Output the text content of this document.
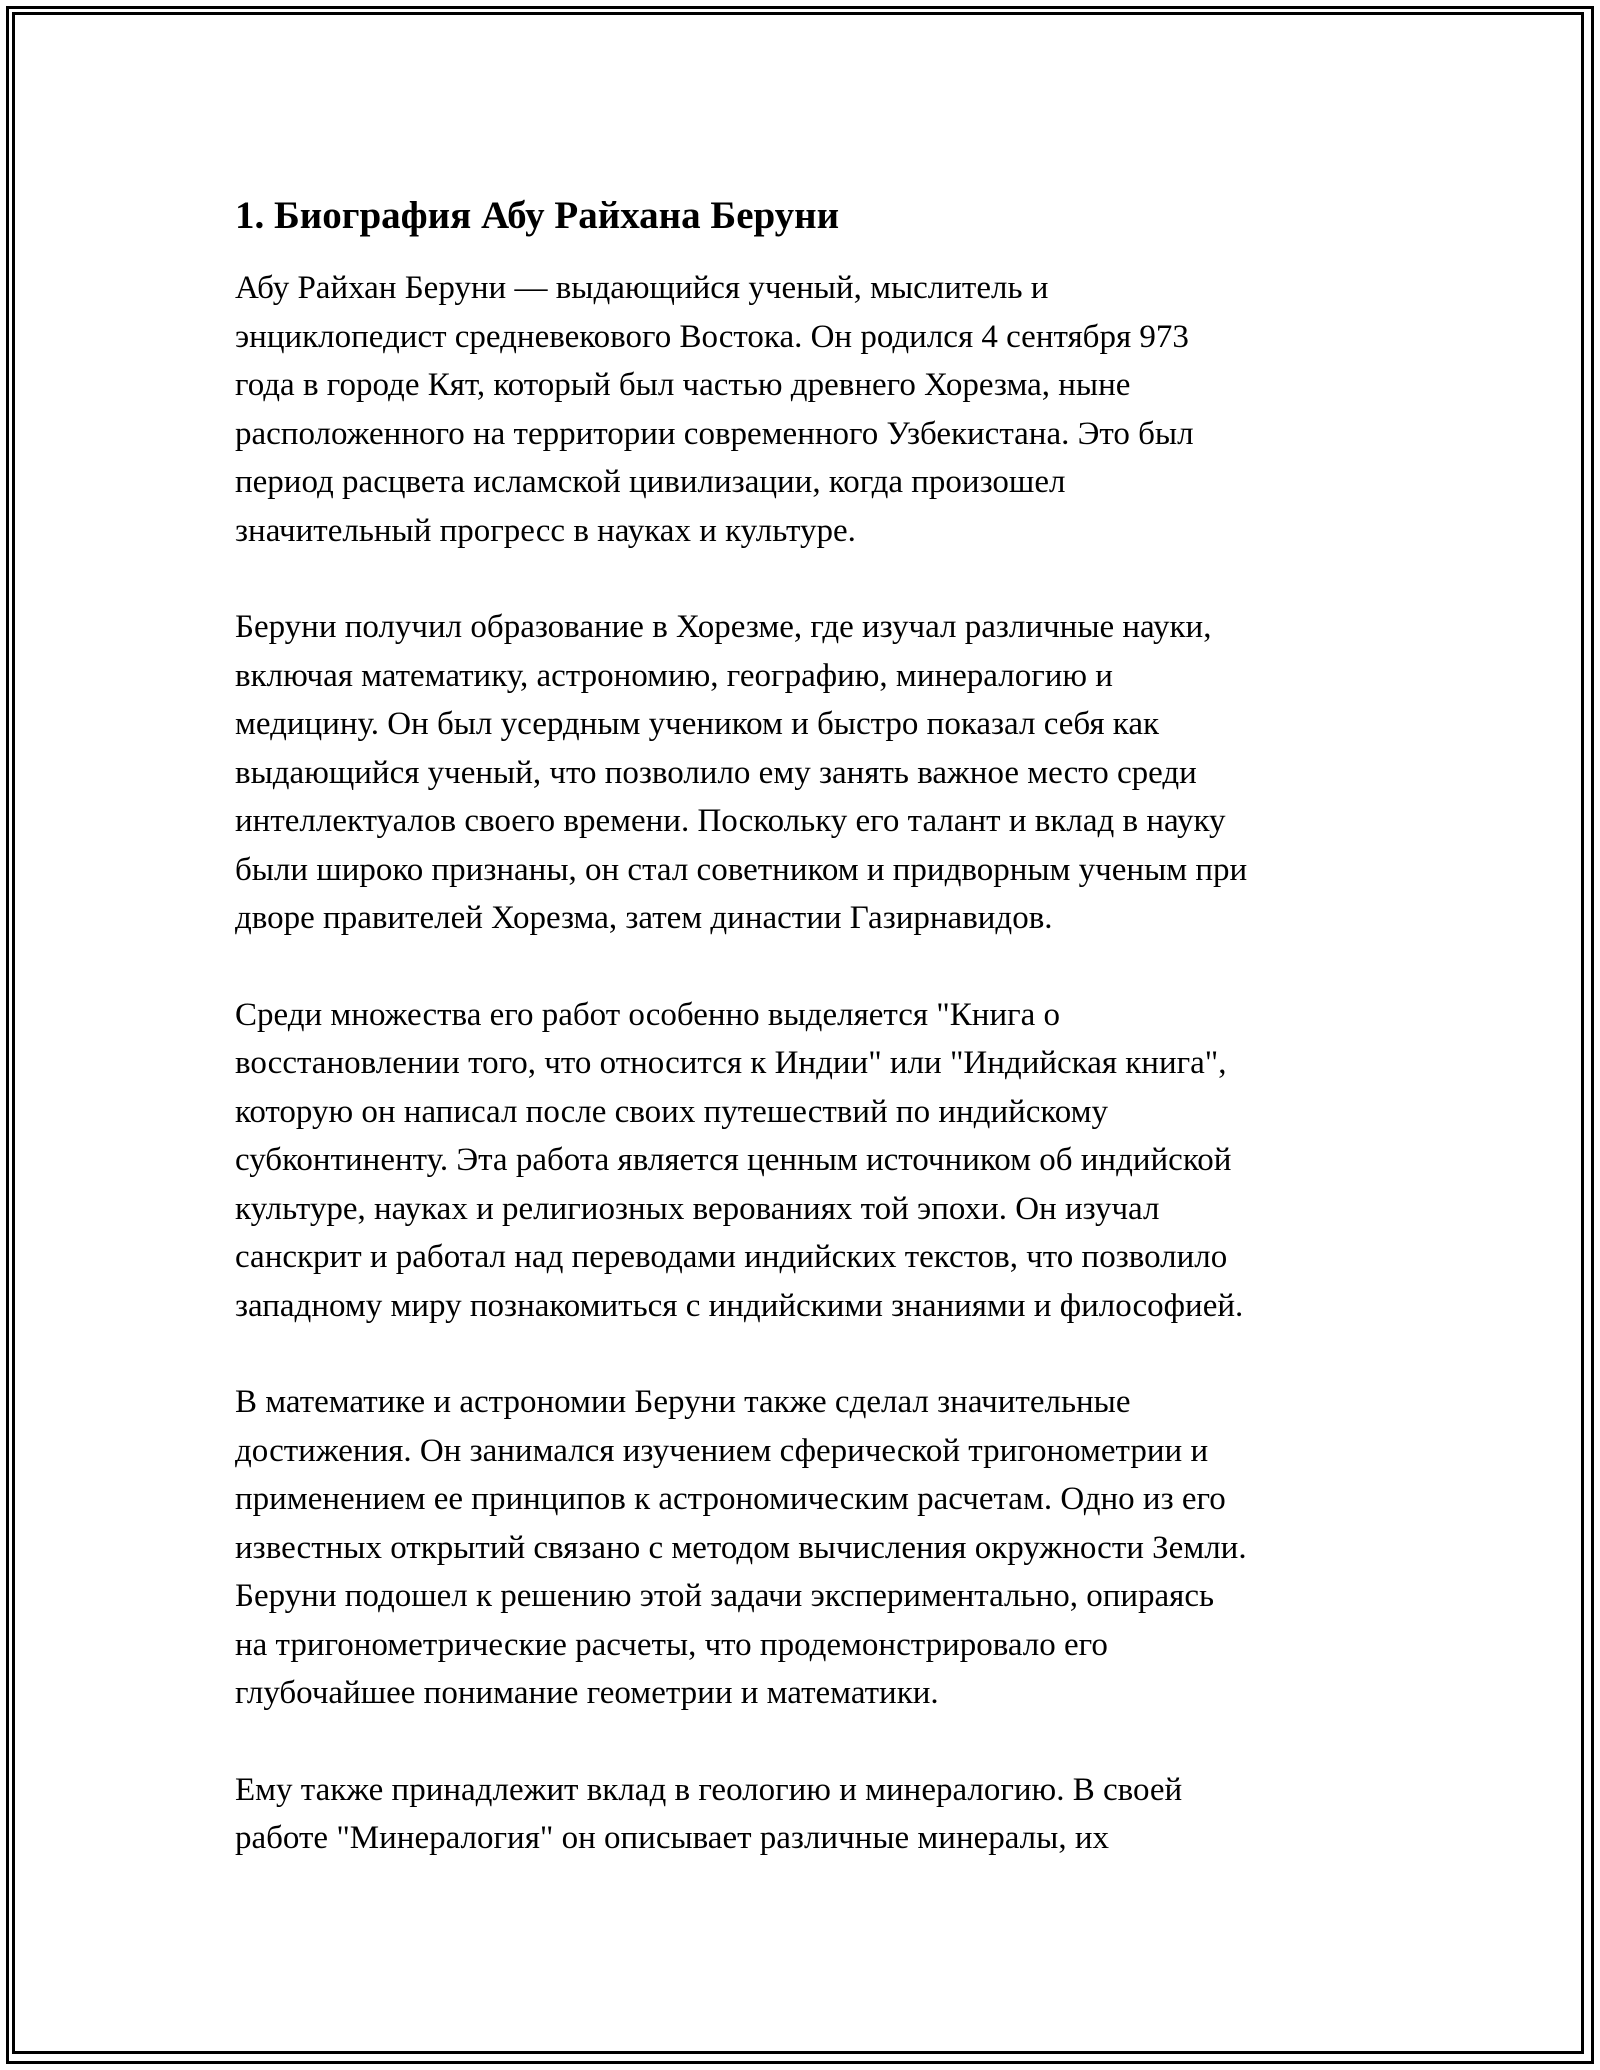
1. Биография Абу Райхана Беруни
Абу Райхан Беруни — выдающийся ученый, мыслитель и
энциклопедист средневекового Востока. Он родился 4 сентября 973
года в городе Кят, который был частью древнего Хорезма, ныне
расположенного на территории современного Узбекистана. Это был
период расцвета исламской цивилизации, когда произошел
значительный прогресс в науках и культуре.
Беруни получил образование в Хорезме, где изучал различные науки,
включая математику, астрономию, географию, минералогию и
медицину. Он был усердным учеником и быстро показал себя как
выдающийся ученый, что позволило ему занять важное место среди
интеллектуалов своего времени. Поскольку его талант и вклад в науку
были широко признаны, он стал советником и придворным ученым при
дворе правителей Хорезма, затем династии Газирнавидов.
Среди множества его работ особенно выделяется "Книга о
восстановлении того, что относится к Индии" или "Индийская книга",
которую он написал после своих путешествий по индийскому
субконтиненту. Эта работа является ценным источником об индийской
культуре, науках и религиозных верованиях той эпохи. Он изучал
санскрит и работал над переводами индийских текстов, что позволило
западному миру познакомиться с индийскими знаниями и философией.
В математике и астрономии Беруни также сделал значительные
достижения. Он занимался изучением сферической тригонометрии и
применением ее принципов к астрономическим расчетам. Одно из его
известных открытий связано с методом вычисления окружности Земли.
Беруни подошел к решению этой задачи экспериментально, опираясь
на тригонометрические расчеты, что продемонстрировало его
глубочайшее понимание геометрии и математики.
Ему также принадлежит вклад в геологию и минералогию. В своей
работе "Минералогия" он описывает различные минералы, их
